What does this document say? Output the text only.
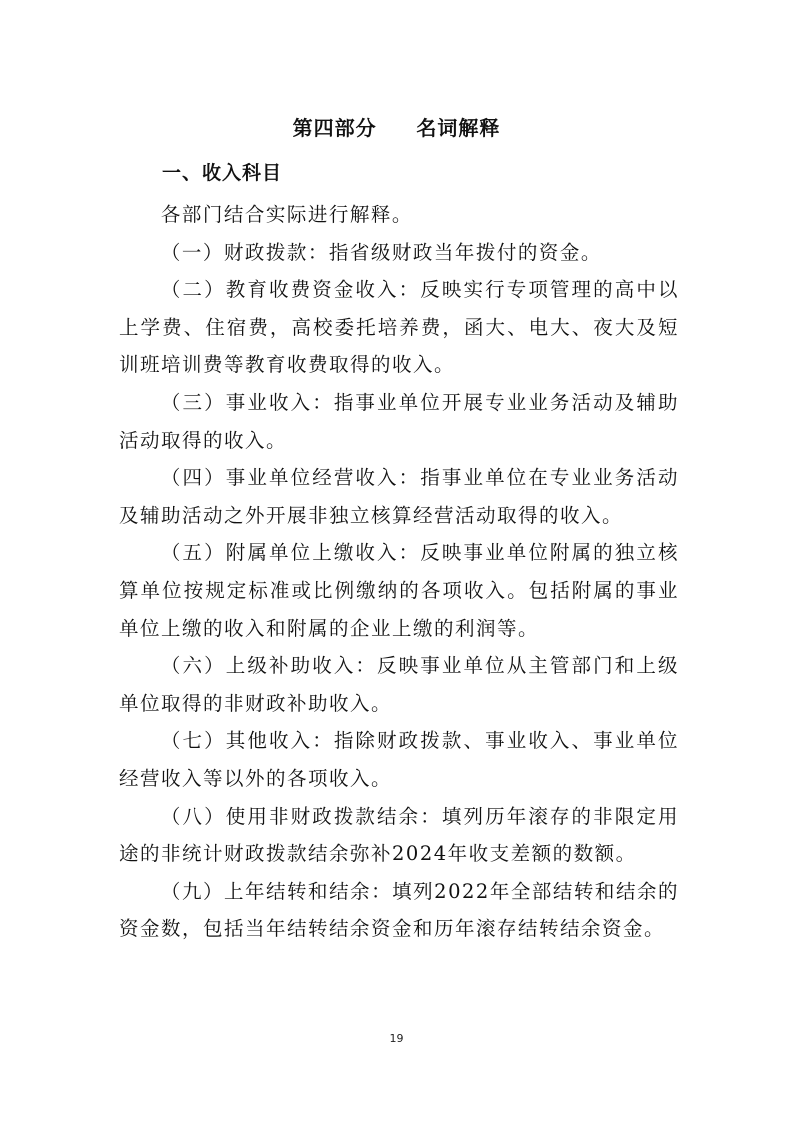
第四部分     名词解释
一、收入科目

各部门结合实际进行解释。

（一）财政拨款：指省级财政当年拨付的资金。

（二）教育收费资金收入：反映实行专项管理的高中以上学费、住宿费，高校委托培养费，函大、电大、夜大及短训班培训费等教育收费取得的收入。

（三）事业收入：指事业单位开展专业业务活动及辅助活动取得的收入。

（四）事业单位经营收入：指事业单位在专业业务活动及辅助活动之外开展非独立核算经营活动取得的收入。

（五）附属单位上缴收入：反映事业单位附属的独立核算单位按规定标准或比例缴纳的各项收入。包括附属的事业单位上缴的收入和附属的企业上缴的利润等。

（六）上级补助收入：反映事业单位从主管部门和上级单位取得的非财政补助收入。

（七）其他收入：指除财政拨款、事业收入、事业单位经营收入等以外的各项收入。

（八）使用非财政拨款结余：填列历年滚存的非限定用途的非统计财政拨款结余弥补2024年收支差额的数额。

（九）上年结转和结余：填列2022年全部结转和结余的资金数，包括当年结转结余资金和历年滚存结转结余资金。

19
